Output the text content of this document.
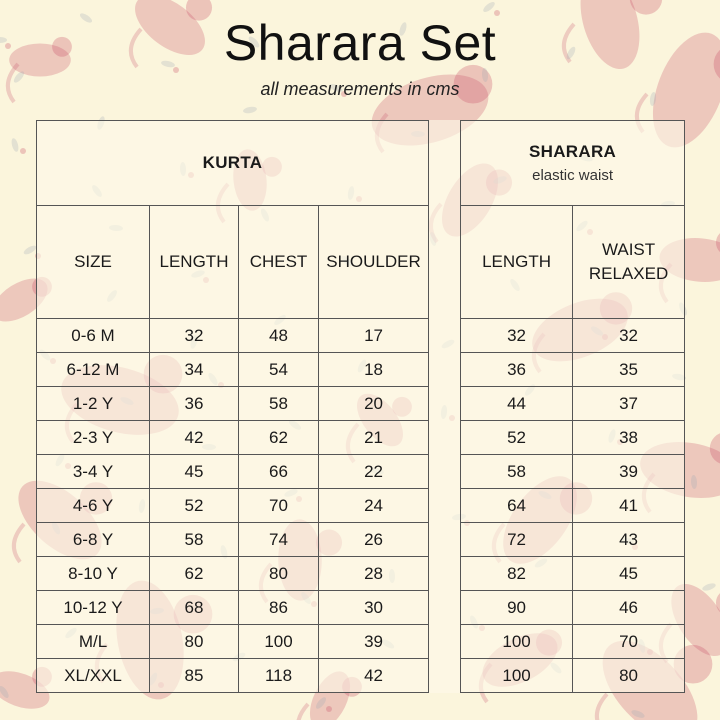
Sharara Set
all measurements in cms
KURTA					SHARARA
elastic waist	

SIZE	LENGTH	CHEST	SHOULDER		LENGTH	WAIST
RELAXED

0-6 M	32	48	17		32	32
6-12 M	34	54	18		36	35
1-2 Y	36	58	20		44	37
2-3 Y	42	62	21		52	38
3-4 Y	45	66	22		58	39
4-6 Y	52	70	24		64	41
6-8 Y	58	74	26		72	43
8-10 Y	62	80	28		82	45
10-12 Y	68	86	30		90	46
M/L	80	100	39		100	70
XL/XXL	85	118	42		100	80
